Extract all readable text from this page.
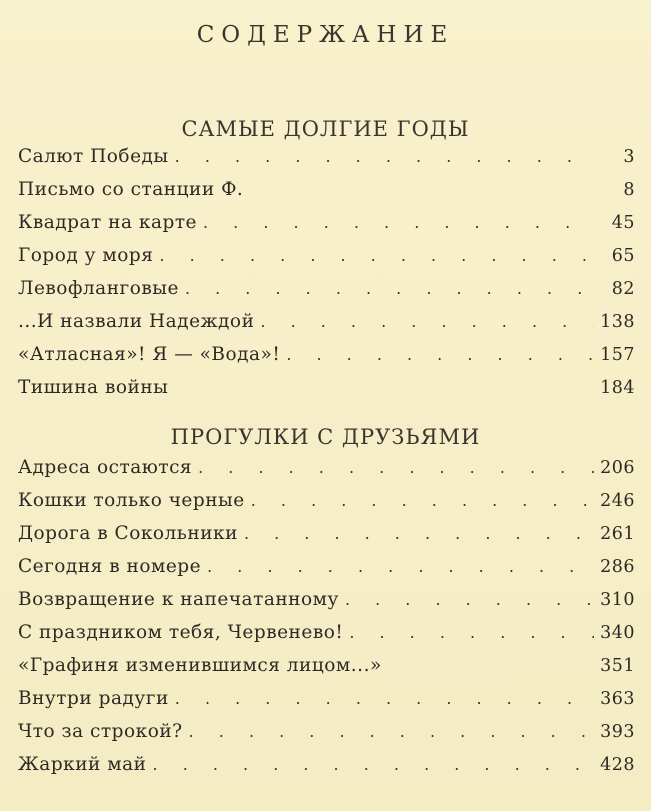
СОДЕРЖАНИЕ
САМЫЕ ДОЛГИЕ ГОДЫ
Салют Победы . . .	3
Письмо со станции Ф.	8
Квадрат на карте . . .	45
Город у моря . . .	65
Левофланговые . . .	82
...И назвали Надеждой . . .	138
«Атласная»! Я — «Вода»! . . .	157
Тишина войны	184
ПРОГУЛКИ С ДРУЗЬЯМИ
Адреса остаются . . .	206
Кошки только черные . . .	246
Дорога в Сокольники . . .	261
Сегодня в номере . . .	286
Возвращение к напечатанному . . .	310
С праздником тебя, Червенево! . . .	340
«Графиня изменившимся лицом...»	351
Внутри радуги . . .	363
Что за строкой? . . .	393
Жаркий май . . .	428
